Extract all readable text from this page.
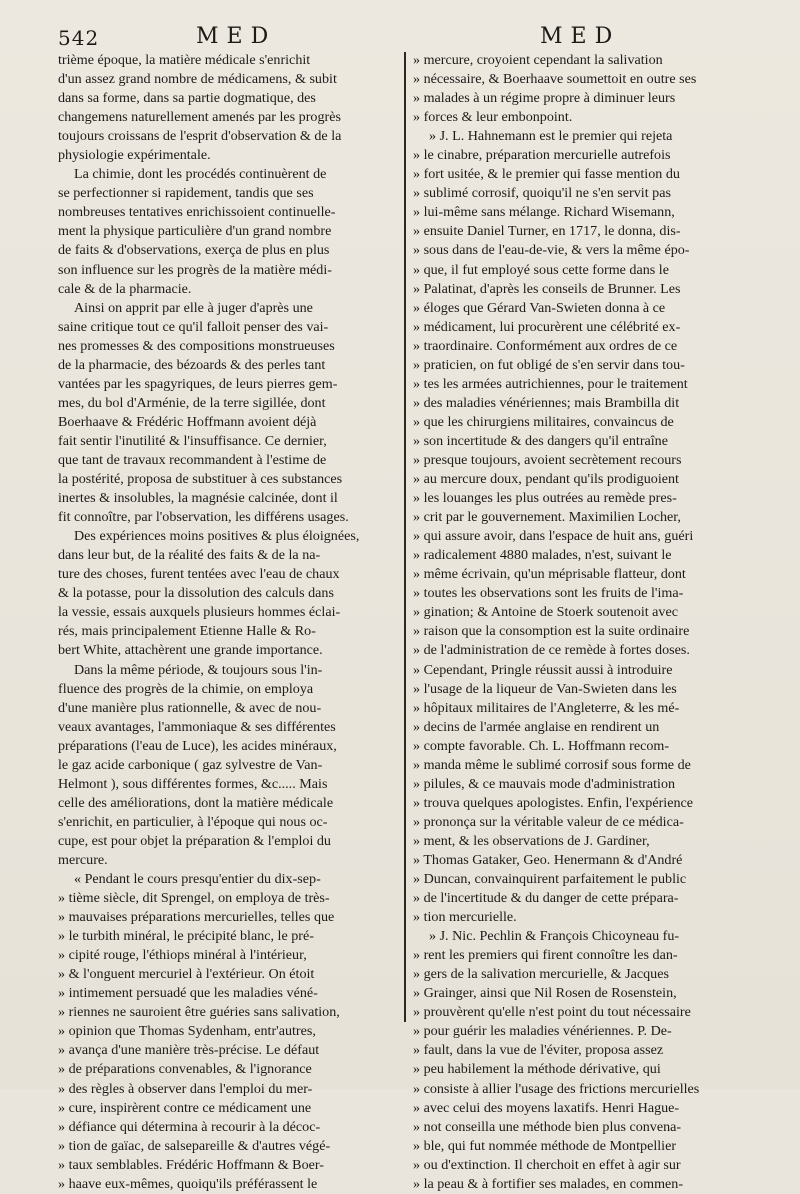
542	MED	MED
trième époque, la matière médicale s'enrichit
d'un assez grand nombre de médicamens, & subit
dans sa forme, dans sa partie dogmatique, des
changemens naturellement amenés par les progrès
toujours croissans de l'esprit d'observation & de la
physiologie expérimentale.
La chimie, dont les procédés continuèrent de
se perfectionner si rapidement, tandis que ses
nombreuses tentatives enrichissoient continuelle-
ment la physique particulière d'un grand nombre
de faits & d'observations, exerça de plus en plus
son influence sur les progrès de la matière médi-
cale & de la pharmacie.
Ainsi on apprit par elle à juger d'après une
saine critique tout ce qu'il falloit penser des vai-
nes promesses & des compositions monstrueuses
de la pharmacie, des bézoards & des perles tant
vantées par les spagyriques, de leurs pierres gem-
mes, du bol d'Arménie, de la terre sigillée, dont
Boerhaave & Frédéric Hoffmann avoient déjà
fait sentir l'inutilité & l'insuffisance. Ce dernier,
que tant de travaux recommandent à l'estime de
la postérité, proposa de substituer à ces substances
inertes & insolubles, la magnésie calcinée, dont il
fit connoître, par l'observation, les différens usages.
Des expériences moins positives & plus éloignées,
dans leur but, de la réalité des faits & de la na-
ture des choses, furent tentées avec l'eau de chaux
& la potasse, pour la dissolution des calculs dans
la vessie, essais auxquels plusieurs hommes éclai-
rés, mais principalement Etienne Halle & Ro-
bert White, attachèrent une grande importance.
Dans la même période, & toujours sous l'in-
fluence des progrès de la chimie, on employa
d'une manière plus rationnelle, & avec de nou-
veaux avantages, l'ammoniaque & ses différentes
préparations (l'eau de Luce), les acides minéraux,
le gaz acide carbonique ( gaz sylvestre de Van-
Helmont ), sous différentes formes, &c..... Mais
celle des améliorations, dont la matière médicale
s'enrichit, en particulier, à l'époque qui nous oc-
cupe, est pour objet la préparation & l'emploi du
mercure.
« Pendant le cours presqu'entier du dix-sep-
» tième siècle, dit Sprengel, on employa de très-
» mauvaises préparations mercurielles, telles que
» le turbith minéral, le précipité blanc, le pré-
» cipité rouge, l'éthiops minéral à l'intérieur,
» & l'onguent mercuriel à l'extérieur. On étoit
» intimement persuadé que les maladies véné-
» riennes ne sauroient être guéries sans salivation,
» opinion que Thomas Sydenham, entr'autres,
» avança d'une manière très-précise. Le défaut
» de préparations convenables, & l'ignorance
» des règles à observer dans l'emploi du mer-
» cure, inspirèrent contre ce médicament une
» défiance qui détermina à recourir à la décoc-
» tion de gaïac, de salsepareille & d'autres végé-
» taux semblables. Frédéric Hoffmann & Boer-
» haave eux-mêmes, quoiqu'ils préférassent le
» mercure, croyoient cependant la salivation
» nécessaire, & Boerhaave soumettoit en outre ses
» malades à un régime propre à diminuer leurs
» forces & leur embonpoint.
» J. L. Hahnemann est le premier qui rejeta
» le cinabre, préparation mercurielle autrefois
» fort usitée, & le premier qui fasse mention du
» sublimé corrosif, quoiqu'il ne s'en servit pas
» lui-même sans mélange. Richard Wisemann,
» ensuite Daniel Turner, en 1717, le donna, dis-
» sous dans de l'eau-de-vie, & vers la même épo-
» que, il fut employé sous cette forme dans le
» Palatinat, d'après les conseils de Brunner. Les
» éloges que Gérard Van-Swieten donna à ce
» médicament, lui procurèrent une célébrité ex-
» traordinaire. Conformément aux ordres de ce
» praticien, on fut obligé de s'en servir dans tou-
» tes les armées autrichiennes, pour le traitement
» des maladies vénériennes; mais Brambilla dit
» que les chirurgiens militaires, convaincus de
» son incertitude & des dangers qu'il entraîne
» presque toujours, avoient secrètement recours
» au mercure doux, pendant qu'ils prodiguoient
» les louanges les plus outrées au remède pres-
» crit par le gouvernement. Maximilien Locher,
» qui assure avoir, dans l'espace de huit ans, guéri
» radicalement 4880 malades, n'est, suivant le
» même écrivain, qu'un méprisable flatteur, dont
» toutes les observations sont les fruits de l'ima-
» gination; & Antoine de Stoerk soutenoit avec
» raison que la consomption est la suite ordinaire
» de l'administration de ce remède à fortes doses.
» Cependant, Pringle réussit aussi à introduire
» l'usage de la liqueur de Van-Swieten dans les
» hôpitaux militaires de l'Angleterre, & les mé-
» decins de l'armée anglaise en rendirent un
» compte favorable. Ch. L. Hoffmann recom-
» manda même le sublimé corrosif sous forme de
» pilules, & ce mauvais mode d'administration
» trouva quelques apologistes. Enfin, l'expérience
» prononça sur la véritable valeur de ce médica-
» ment, & les observations de J. Gardiner,
» Thomas Gataker, Geo. Henermann & d'André
» Duncan, convainquirent parfaitement le public
» de l'incertitude & du danger de cette prépara-
» tion mercurielle.
» J. Nic. Pechlin & François Chicoyneau fu-
» rent les premiers qui firent connoître les dan-
» gers de la salivation mercurielle, & Jacques
» Grainger, ainsi que Nil Rosen de Rosenstein,
» prouvèrent qu'elle n'est point du tout nécessaire
» pour guérir les maladies vénériennes. P. De-
» fault, dans la vue de l'éviter, proposa assez
» peu habilement la méthode dérivative, qui
» consiste à allier l'usage des frictions mercurielles
» avec celui des moyens laxatifs. Henri Hague-
» not conseilla une méthode bien plus convena-
» ble, qui fut nommée méthode de Montpellier
» ou d'extinction. Il cherchoit en effet à agir sur
» la peau & à fortifier ses malades, en commen-
